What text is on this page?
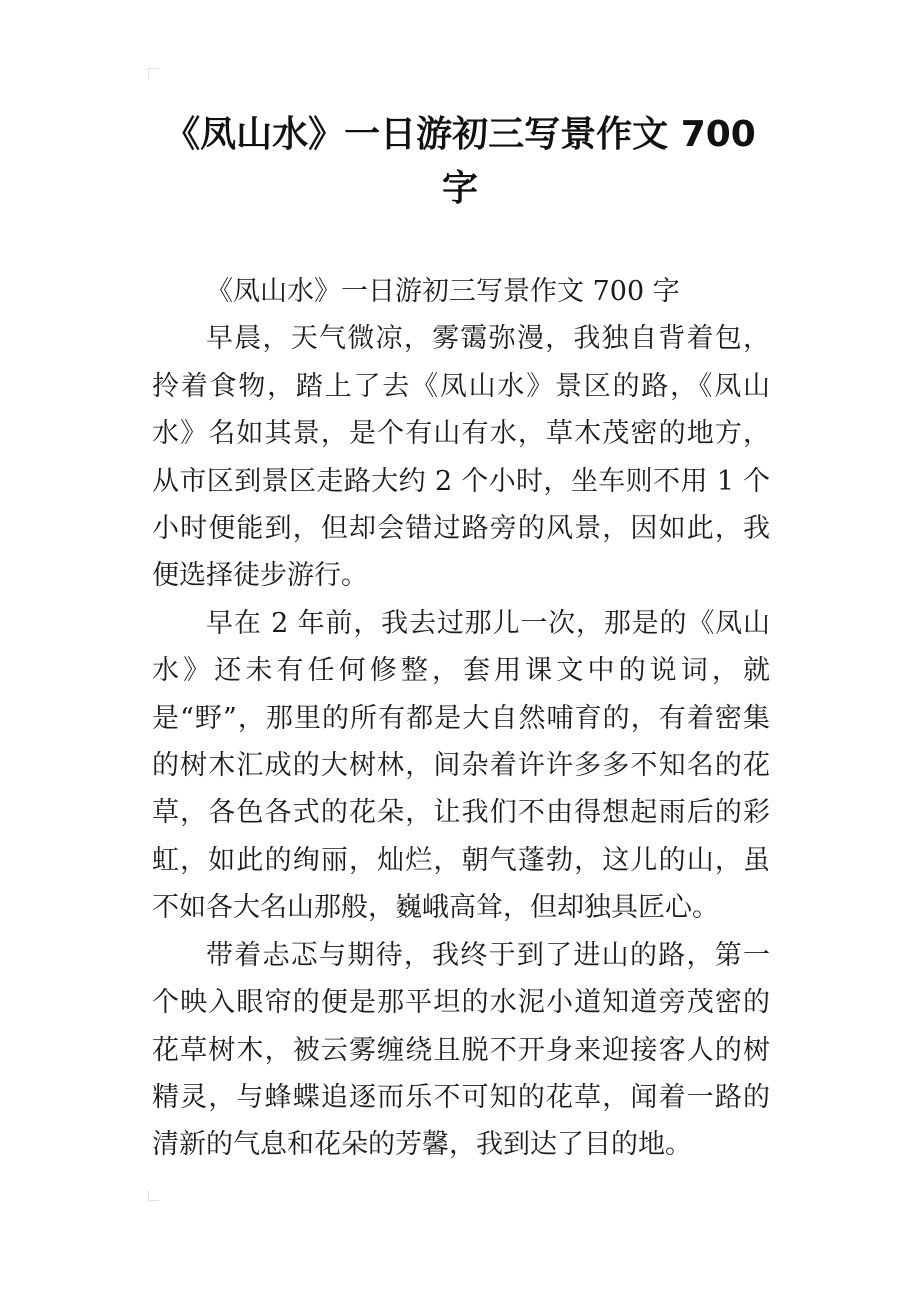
《凤山水》一日游初三写景作文 700 字

《凤山水》一日游初三写景作文 700 字

早晨，天气微凉，雾霭弥漫，我独自背着包，拎着食物，踏上了去《凤山水》景区的路，《凤山水》名如其景，是个有山有水，草木茂密的地方，从市区到景区走路大约 2 个小时，坐车则不用 1 个小时便能到，但却会错过路旁的风景，因如此，我便选择徒步游行。

早在 2 年前，我去过那儿一次，那是的《凤山水》还未有任何修整，套用课文中的说词，就是“野”，那里的所有都是大自然哺育的，有着密集的树木汇成的大树林，间杂着许许多多不知名的花草，各色各式的花朵，让我们不由得想起雨后的彩虹，如此的绚丽，灿烂，朝气蓬勃，这儿的山，虽不如各大名山那般，巍峨高耸，但却独具匠心。

带着忐忑与期待，我终于到了进山的路，第一个映入眼帘的便是那平坦的水泥小道知道旁茂密的花草树木，被云雾缠绕且脱不开身来迎接客人的树精灵，与蜂蝶追逐而乐不可知的花草，闻着一路的清新的气息和花朵的芳馨，我到达了目的地。
